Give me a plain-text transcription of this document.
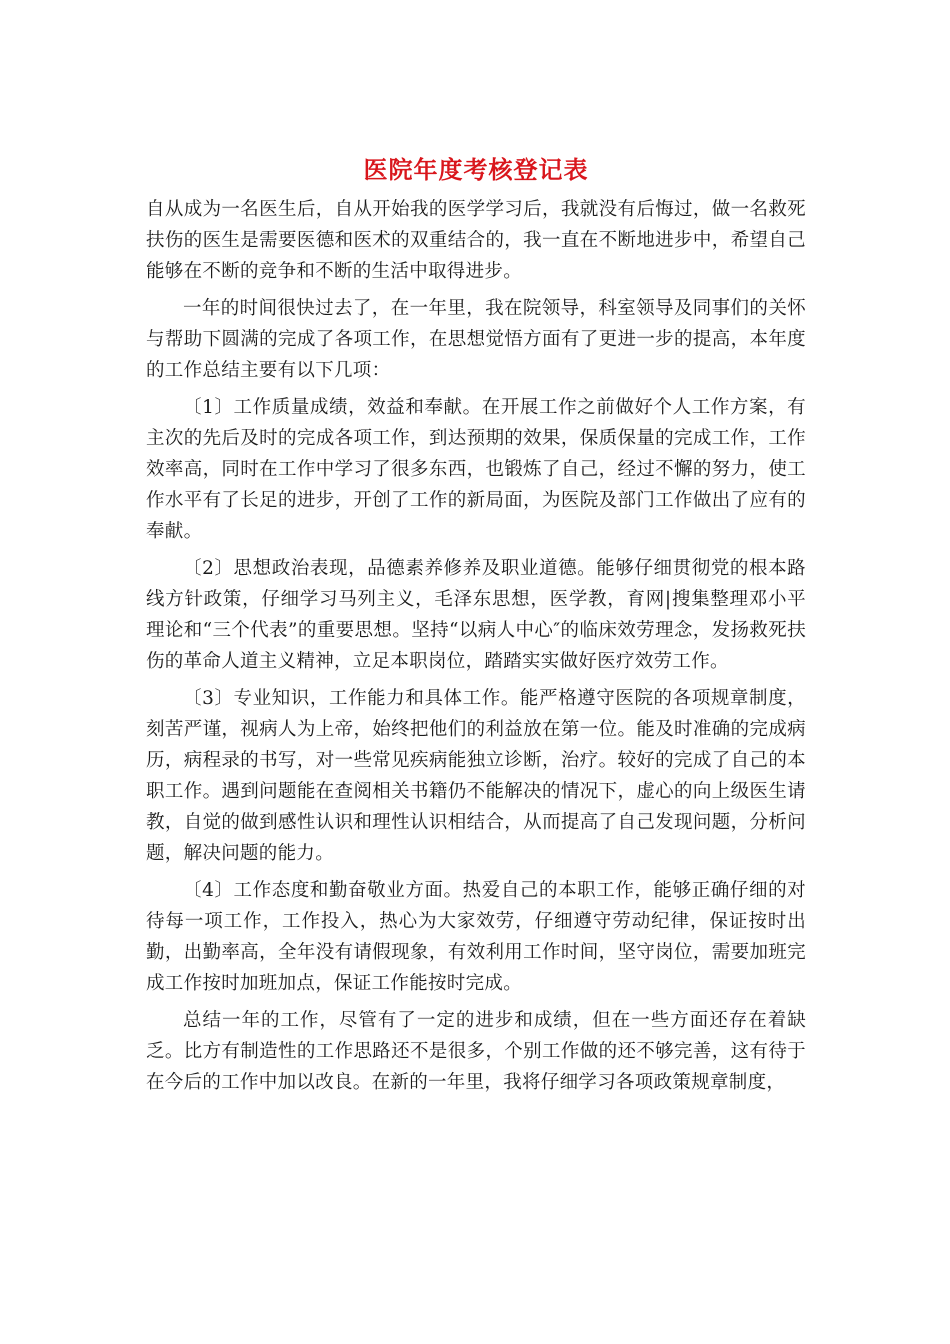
医院年度考核登记表

自从成为一名医生后，自从开始我的医学学习后，我就没有后悔过，做一名救死扶伤的医生是需要医德和医术的双重结合的，我一直在不断地进步中，希望自己能够在不断的竞争和不断的生活中取得进步。

一年的时间很快过去了，在一年里，我在院领导，科室领导及同事们的关怀与帮助下圆满的完成了各项工作，在思想觉悟方面有了更进一步的提高，本年度的工作总结主要有以下几项：

〔1〕工作质量成绩，效益和奉献。在开展工作之前做好个人工作方案，有主次的先后及时的完成各项工作，到达预期的效果，保质保量的完成工作，工作效率高，同时在工作中学习了很多东西，也锻炼了自己，经过不懈的努力，使工作水平有了长足的进步，开创了工作的新局面，为医院及部门工作做出了应有的奉献。

〔2〕思想政治表现，品德素养修养及职业道德。能够仔细贯彻党的根本路线方针政策，仔细学习马列主义，毛泽东思想，医学教，育网|搜集整理邓小平理论和“三个代表”的重要思想。坚持“以病人中心″的临床效劳理念，发扬救死扶伤的革命人道主义精神，立足本职岗位，踏踏实实做好医疗效劳工作。

〔3〕专业知识，工作能力和具体工作。能严格遵守医院的各项规章制度，刻苦严谨，视病人为上帝，始终把他们的利益放在第一位。能及时准确的完成病历，病程录的书写，对一些常见疾病能独立诊断，治疗。较好的完成了自己的本职工作。遇到问题能在查阅相关书籍仍不能解决的情况下，虚心的向上级医生请教，自觉的做到感性认识和理性认识相结合，从而提高了自己发现问题，分析问题，解决问题的能力。

〔4〕工作态度和勤奋敬业方面。热爱自己的本职工作，能够正确仔细的对待每一项工作，工作投入，热心为大家效劳，仔细遵守劳动纪律，保证按时出勤，出勤率高，全年没有请假现象，有效利用工作时间，坚守岗位，需要加班完成工作按时加班加点，保证工作能按时完成。

总结一年的工作，尽管有了一定的进步和成绩，但在一些方面还存在着缺乏。比方有制造性的工作思路还不是很多，个别工作做的还不够完善，这有待于在今后的工作中加以改良。在新的一年里，我将仔细学习各项政策规章制度，
